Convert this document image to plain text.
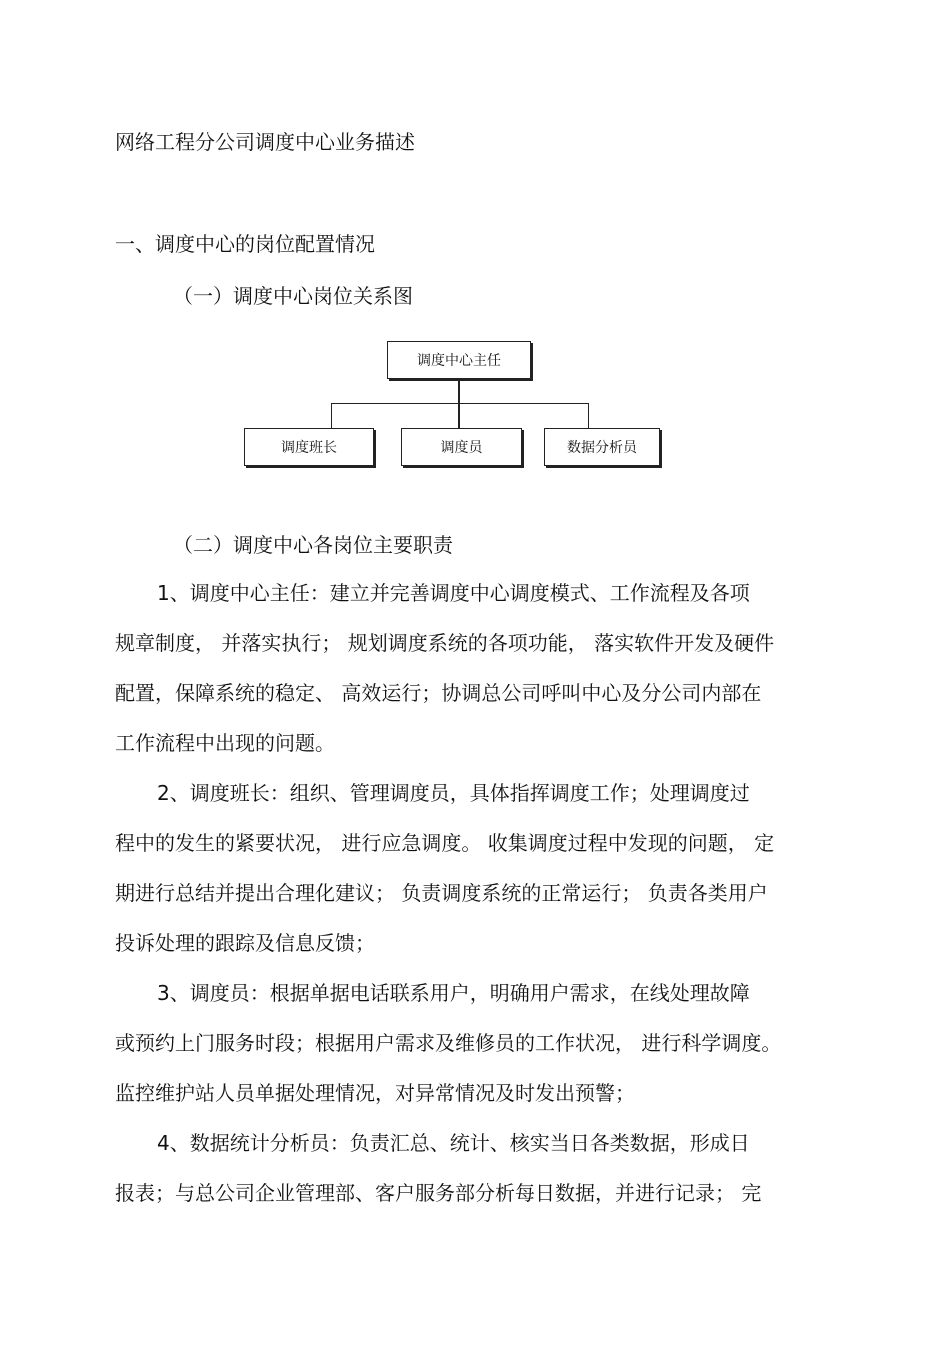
网络工程分公司调度中心业务描述
一、调度中心的岗位配置情况
（一）调度中心岗位关系图
调度中心主任
调度班长	调度员	数据分析员
（二）调度中心各岗位主要职责
1、调度中心主任：建立并完善调度中心调度模式、工作流程及各项
规章制度， 并落实执行； 规划调度系统的各项功能， 落实软件开发及硬件
配置，保障系统的稳定、 高效运行；协调总公司呼叫中心及分公司内部在
工作流程中出现的问题。
2、调度班长：组织、管理调度员，具体指挥调度工作；处理调度过
程中的发生的紧要状况， 进行应急调度。 收集调度过程中发现的问题， 定
期进行总结并提出合理化建议； 负责调度系统的正常运行； 负责各类用户
投诉处理的跟踪及信息反馈；
3、调度员：根据单据电话联系用户，明确用户需求，在线处理故障
或预约上门服务时段；根据用户需求及维修员的工作状况， 进行科学调度。
监控维护站人员单据处理情况，对异常情况及时发出预警；
4、数据统计分析员：负责汇总、统计、核实当日各类数据，形成日
报表；与总公司企业管理部、客户服务部分析每日数据，并进行记录； 完
